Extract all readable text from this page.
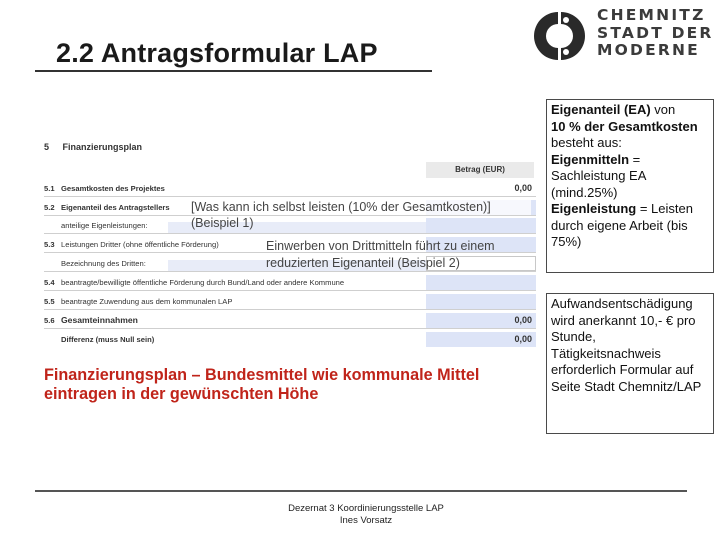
2.2 Antragsformular LAP
CHEMNITZ
STADT DER
MODERNE
5 Finanzierungsplan
Betrag (EUR)
5.1 Gesamtkosten des Projektes	0,00
5.2 Eigenanteil des Antragstellers
anteilige Eigenleistungen:
5.3 Leistungen Dritter (ohne öffentliche Förderung)
Bezeichnung des Dritten:
5.4 beantragte/bewilligte öffentliche Förderung durch Bund/Land oder andere Kommune
5.5 beantragte Zuwendung aus dem kommunalen LAP
5.6 Gesamteinnahmen	0,00
Differenz (muss Null sein)	0,00
[Was kann ich selbst leisten (10% der Gesamtkosten)]
(Beispiel 1)
Einwerben von Drittmitteln führt zu einem
reduzierten Eigenanteil (Beispiel 2)
Finanzierungsplan – Bundesmittel wie kommunale Mittel eintragen in der gewünschten Höhe
Eigenanteil (EA) von
10 % der Gesamtkosten besteht aus:
Eigenmitteln = Sachleistung EA (mind.25%)
Eigenleistung = Leisten durch eigene Arbeit (bis 75%)
Aufwandsentschädigung wird anerkannt 10,- € pro Stunde, Tätigkeitsnachweis erforderlich Formular auf Seite Stadt Chemnitz/LAP
Dezernat 3 Koordinierungsstelle LAP
Ines Vorsatz
